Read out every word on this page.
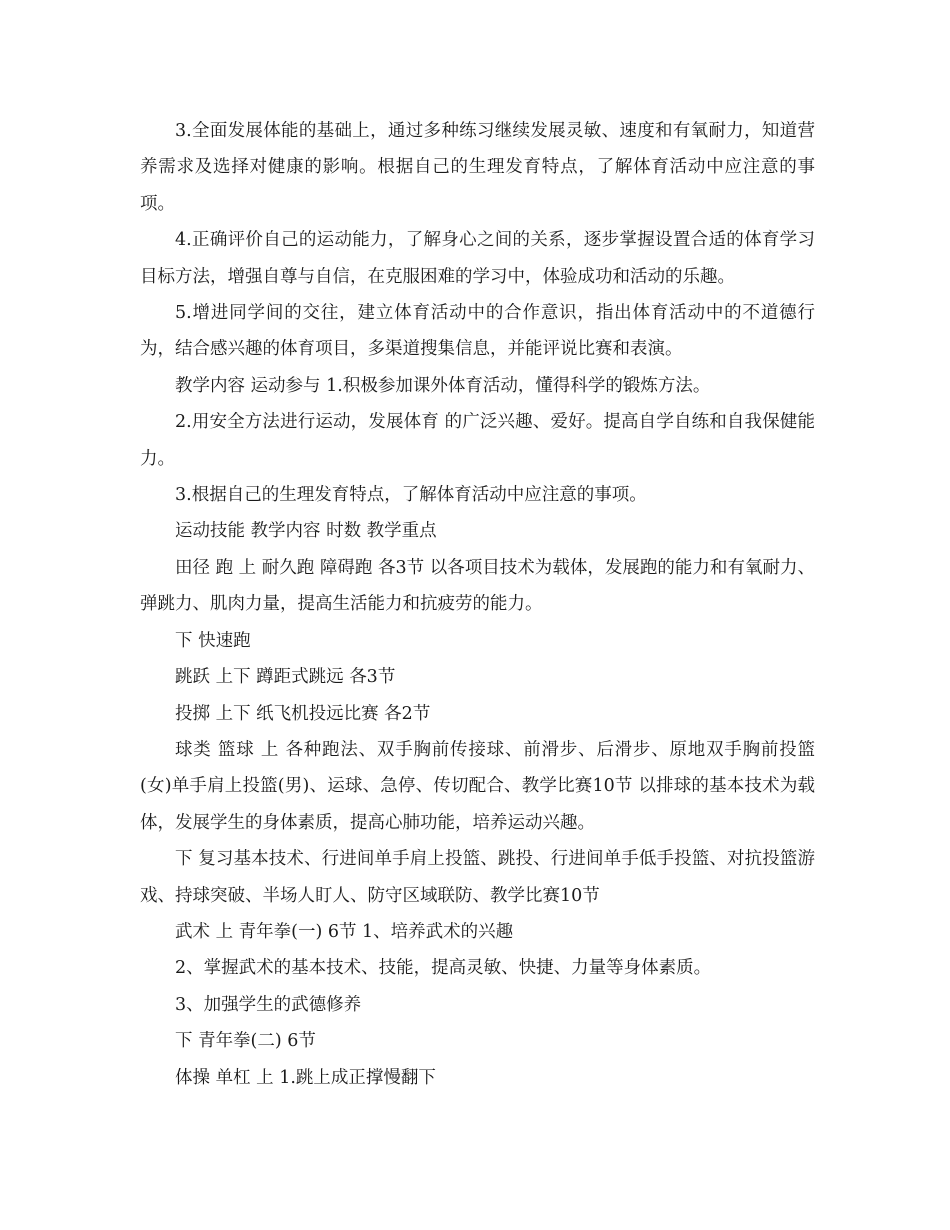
3.全面发展体能的基础上，通过多种练习继续发展灵敏、速度和有氧耐力，知道营养需求及选择对健康的影响。根据自己的生理发育特点，了解体育活动中应注意的事项。

4.正确评价自己的运动能力，了解身心之间的关系，逐步掌握设置合适的体育学习目标方法，增强自尊与自信，在克服困难的学习中，体验成功和活动的乐趣。

5.增进同学间的交往，建立体育活动中的合作意识，指出体育活动中的不道德行为，结合感兴趣的体育项目，多渠道搜集信息，并能评说比赛和表演。

教学内容 运动参与 1.积极参加课外体育活动，懂得科学的锻炼方法。

2.用安全方法进行运动，发展体育 的广泛兴趣、爱好。提高自学自练和自我保健能力。

3.根据自己的生理发育特点，了解体育活动中应注意的事项。

运动技能 教学内容 时数 教学重点

田径 跑 上 耐久跑 障碍跑 各3节 以各项目技术为载体，发展跑的能力和有氧耐力、弹跳力、肌肉力量，提高生活能力和抗疲劳的能力。

下 快速跑

跳跃 上下 蹲距式跳远 各3节

投掷 上下 纸飞机投远比赛 各2节

球类 篮球 上 各种跑法、双手胸前传接球、前滑步、后滑步、原地双手胸前投篮(女)单手肩上投篮(男)、运球、急停、传切配合、教学比赛10节 以排球的基本技术为载体，发展学生的身体素质，提高心肺功能，培养运动兴趣。

下 复习基本技术、行进间单手肩上投篮、跳投、行进间单手低手投篮、对抗投篮游戏、持球突破、半场人盯人、防守区域联防、教学比赛10节

武术 上 青年拳(一) 6节 1、培养武术的兴趣

2、掌握武术的基本技术、技能，提高灵敏、快捷、力量等身体素质。

3、加强学生的武德修养

下 青年拳(二) 6节

体操 单杠 上 1.跳上成正撑慢翻下
